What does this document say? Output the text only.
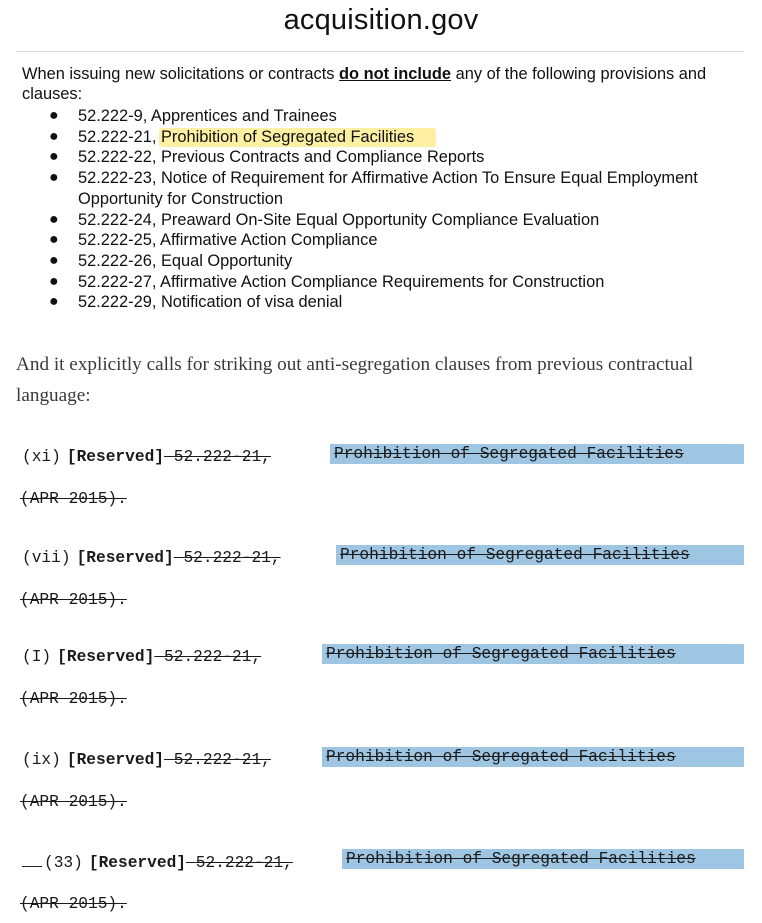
acquisition.gov

When issuing new solicitations or contracts do not include any of the following provisions and clauses:

● 52.222-9, Apprentices and Trainees
● 52.222-21, Prohibition of Segregated Facilities
● 52.222-22, Previous Contracts and Compliance Reports
● 52.222-23, Notice of Requirement for Affirmative Action To Ensure Equal Employment Opportunity for Construction
● 52.222-24, Preaward On-Site Equal Opportunity Compliance Evaluation
● 52.222-25, Affirmative Action Compliance
● 52.222-26, Equal Opportunity
● 52.222-27, Affirmative Action Compliance Requirements for Construction
● 52.222-29, Notification of visa denial

And it explicitly calls for striking out anti-segregation clauses from previous contractual language:

(xi) [Reserved] 52.222-21,	Prohibition of Segregated Facilities
(APR 2015).
(vii) [Reserved] 52.222-21,	Prohibition of Segregated Facilities
(APR 2015).
(I) [Reserved] 52.222-21,	Prohibition of Segregated Facilities
(APR 2015).
(ix) [Reserved] 52.222-21,	Prohibition of Segregated Facilities
(APR 2015).
(33) [Reserved] 52.222-21,	Prohibition of Segregated Facilities
(APR 2015).
